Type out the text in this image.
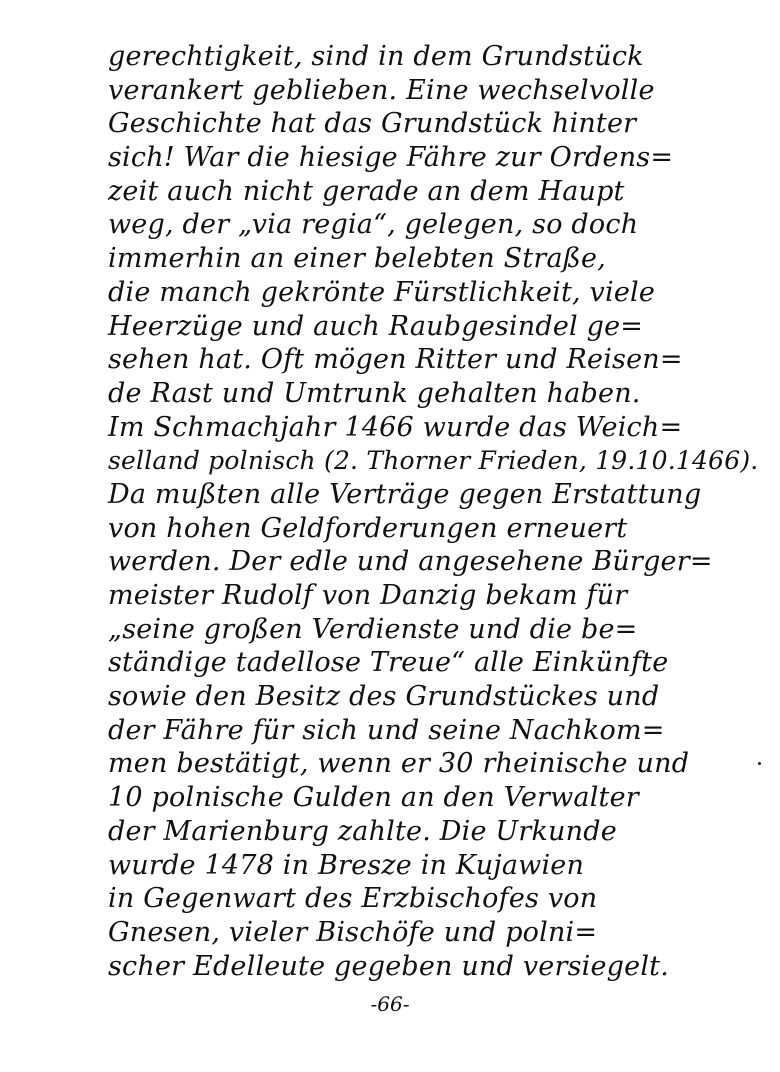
gerechtigkeit, sind in dem Grundstück
verankert geblieben. Eine wechselvolle
Geschichte hat das Grundstück hinter
sich! War die hiesige Fähre zur Ordens=
zeit auch nicht gerade an dem Haupt
weg, der „via regia“, gelegen, so doch
immerhin an einer belebten Straße,
die manch gekrönte Fürstlichkeit, viele
Heerzüge und auch Raubgesindel ge=
sehen hat. Oft mögen Ritter und Reisen=
de Rast und Umtrunk gehalten haben.
Im Schmachjahr 1466 wurde das Weich=
selland polnisch (2. Thorner Frieden, 19.10.1466).
Da mußten alle Verträge gegen Erstattung
von hohen Geldforderungen erneuert
werden. Der edle und angesehene Bürger=
meister Rudolf von Danzig bekam für
„seine großen Verdienste und die be=
ständige tadellose Treue“ alle Einkünfte
sowie den Besitz des Grundstückes und
der Fähre für sich und seine Nachkom=
men bestätigt, wenn er 30 rheinische und
10 polnische Gulden an den Verwalter
der Marienburg zahlte. Die Urkunde
wurde 1478 in Bresze in Kujawien
in Gegenwart des Erzbischofes von
Gnesen, vieler Bischöfe und polni=
scher Edelleute gegeben und versiegelt.
-66-
